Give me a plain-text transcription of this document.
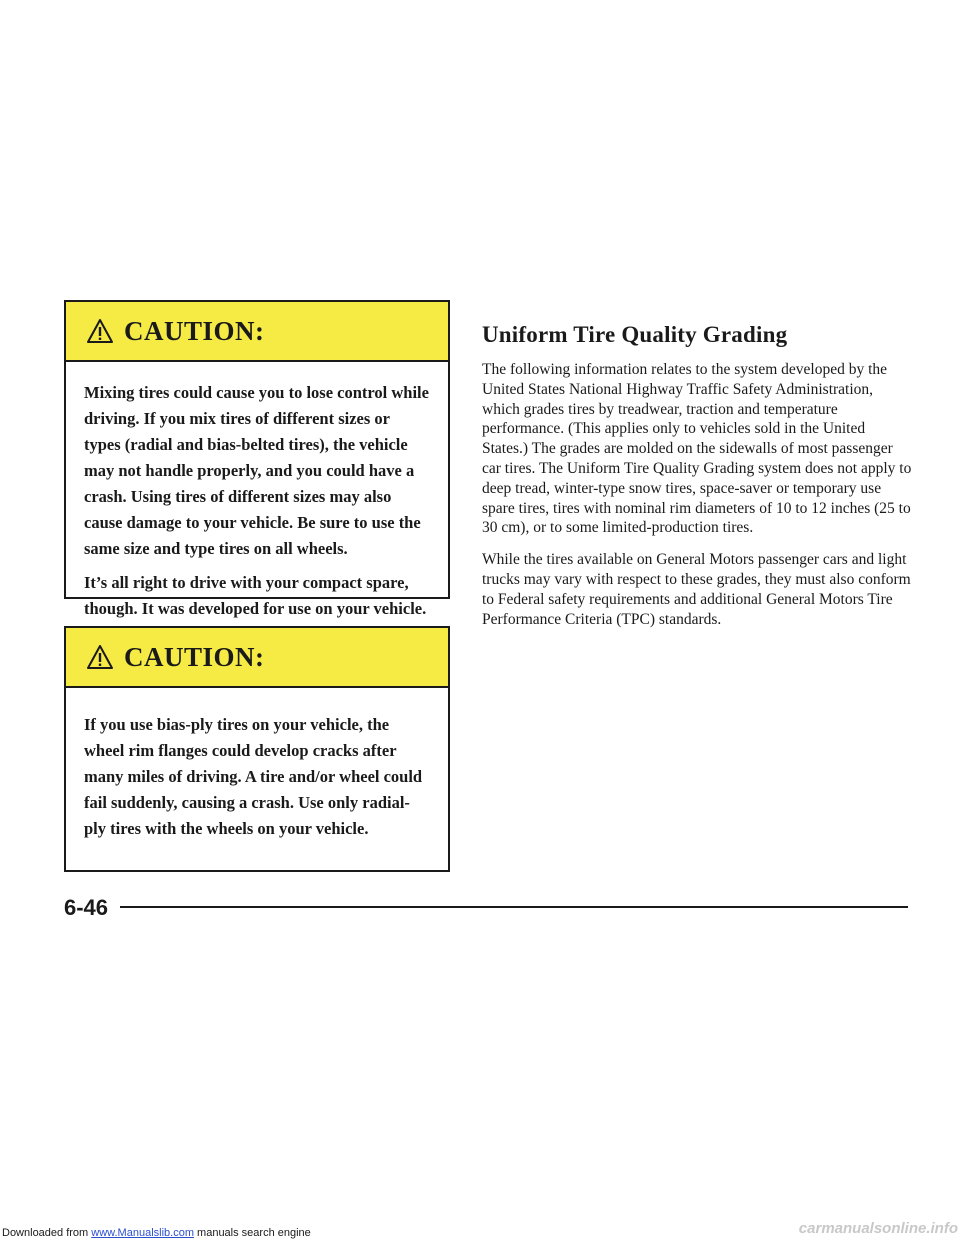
CAUTION:

Mixing tires could cause you to lose control while driving. If you mix tires of different sizes or types (radial and bias-belted tires), the vehicle may not handle properly, and you could have a crash. Using tires of different sizes may also cause damage to your vehicle. Be sure to use the same size and type tires on all wheels.

It’s all right to drive with your compact spare, though. It was developed for use on your vehicle.

CAUTION:

If you use bias-ply tires on your vehicle, the wheel rim flanges could develop cracks after many miles of driving. A tire and/or wheel could fail suddenly, causing a crash. Use only radial-ply tires with the wheels on your vehicle.

Uniform Tire Quality Grading

The following information relates to the system developed by the United States National Highway Traffic Safety Administration, which grades tires by treadwear, traction and temperature performance. (This applies only to vehicles sold in the United States.) The grades are molded on the sidewalls of most passenger car tires. The Uniform Tire Quality Grading system does not apply to deep tread, winter-type snow tires, space-saver or temporary use spare tires, tires with nominal rim diameters of 10 to 12 inches (25 to 30 cm), or to some limited-production tires.

While the tires available on General Motors passenger cars and light trucks may vary with respect to these grades, they must also conform to Federal safety requirements and additional General Motors Tire Performance Criteria (TPC) standards.

6-46
Downloaded from www.Manualslib.com manuals search engine	carmanualsonline.info
